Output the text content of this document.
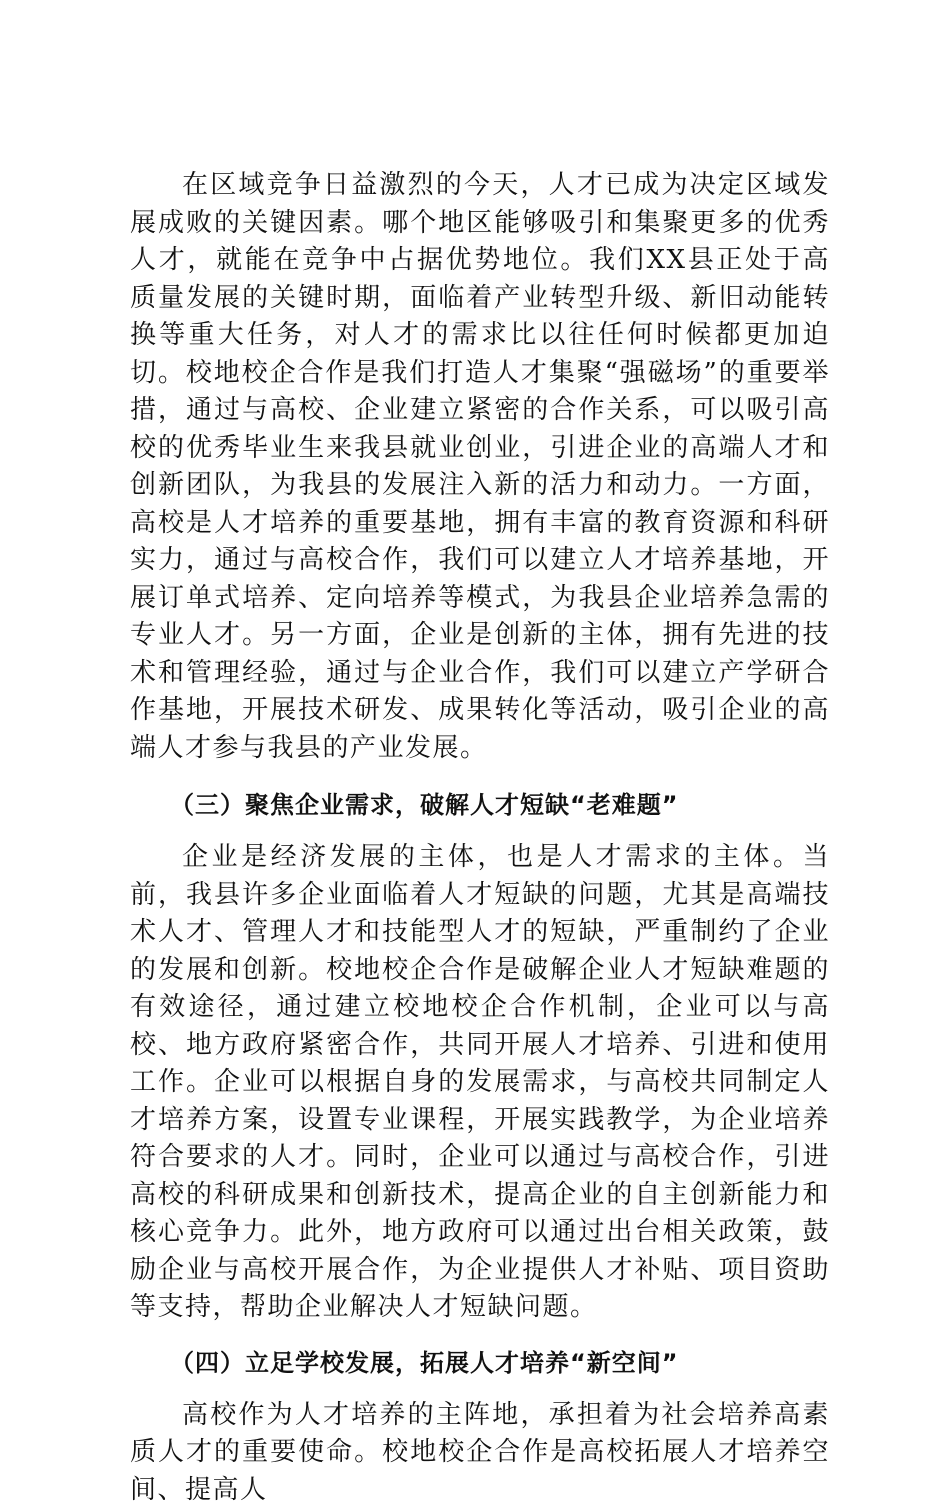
在区域竞争日益激烈的今天，人才已成为决定区域发展成败的关键因素。哪个地区能够吸引和集聚更多的优秀人才，就能在竞争中占据优势地位。我们XX县正处于高质量发展的关键时期，面临着产业转型升级、新旧动能转换等重大任务，对人才的需求比以往任何时候都更加迫切。校地校企合作是我们打造人才集聚“强磁场”的重要举措，通过与高校、企业建立紧密的合作关系，可以吸引高校的优秀毕业生来我县就业创业，引进企业的高端人才和创新团队，为我县的发展注入新的活力和动力。一方面，高校是人才培养的重要基地，拥有丰富的教育资源和科研实力，通过与高校合作，我们可以建立人才培养基地，开展订单式培养、定向培养等模式，为我县企业培养急需的专业人才。另一方面，企业是创新的主体，拥有先进的技术和管理经验，通过与企业合作，我们可以建立产学研合作基地，开展技术研发、成果转化等活动，吸引企业的高端人才参与我县的产业发展。

（三）聚焦企业需求，破解人才短缺“老难题”

企业是经济发展的主体，也是人才需求的主体。当前，我县许多企业面临着人才短缺的问题，尤其是高端技术人才、管理人才和技能型人才的短缺，严重制约了企业的发展和创新。校地校企合作是破解企业人才短缺难题的有效途径，通过建立校地校企合作机制，企业可以与高校、地方政府紧密合作，共同开展人才培养、引进和使用工作。企业可以根据自身的发展需求，与高校共同制定人才培养方案，设置专业课程，开展实践教学，为企业培养符合要求的人才。同时，企业可以通过与高校合作，引进高校的科研成果和创新技术，提高企业的自主创新能力和核心竞争力。此外，地方政府可以通过出台相关政策，鼓励企业与高校开展合作，为企业提供人才补贴、项目资助等支持，帮助企业解决人才短缺问题。

（四）立足学校发展，拓展人才培养“新空间”

高校作为人才培养的主阵地，承担着为社会培养高素质人才的重要使命。校地校企合作是高校拓展人才培养空间、提高人
